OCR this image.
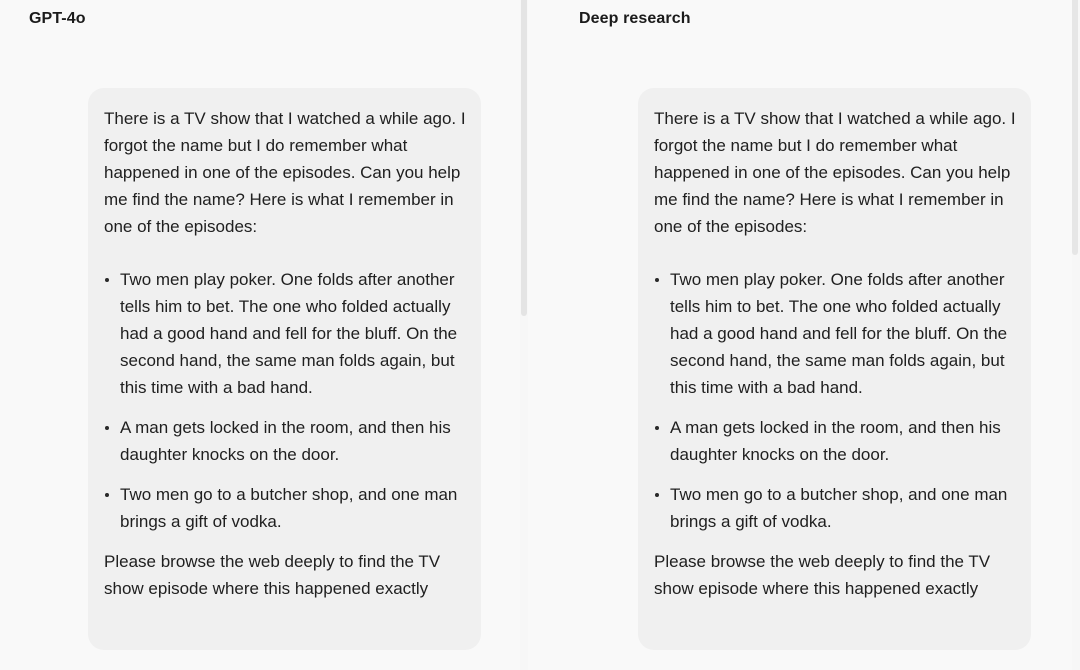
GPT-4o

There is a TV show that I watched a while ago. I forgot the name but I do remember what happened in one of the episodes. Can you help me find the name? Here is what I remember in one of the episodes:

Two men play poker. One folds after another tells him to bet. The one who folded actually had a good hand and fell for the bluff. On the second hand, the same man folds again, but this time with a bad hand.
A man gets locked in the room, and then his daughter knocks on the door.
Two men go to a butcher shop, and one man brings a gift of vodka.

Please browse the web deeply to find the TV show episode where this happened exactly

Deep research

There is a TV show that I watched a while ago. I forgot the name but I do remember what happened in one of the episodes. Can you help me find the name? Here is what I remember in one of the episodes:

Two men play poker. One folds after another tells him to bet. The one who folded actually had a good hand and fell for the bluff. On the second hand, the same man folds again, but this time with a bad hand.
A man gets locked in the room, and then his daughter knocks on the door.
Two men go to a butcher shop, and one man brings a gift of vodka.

Please browse the web deeply to find the TV show episode where this happened exactly
